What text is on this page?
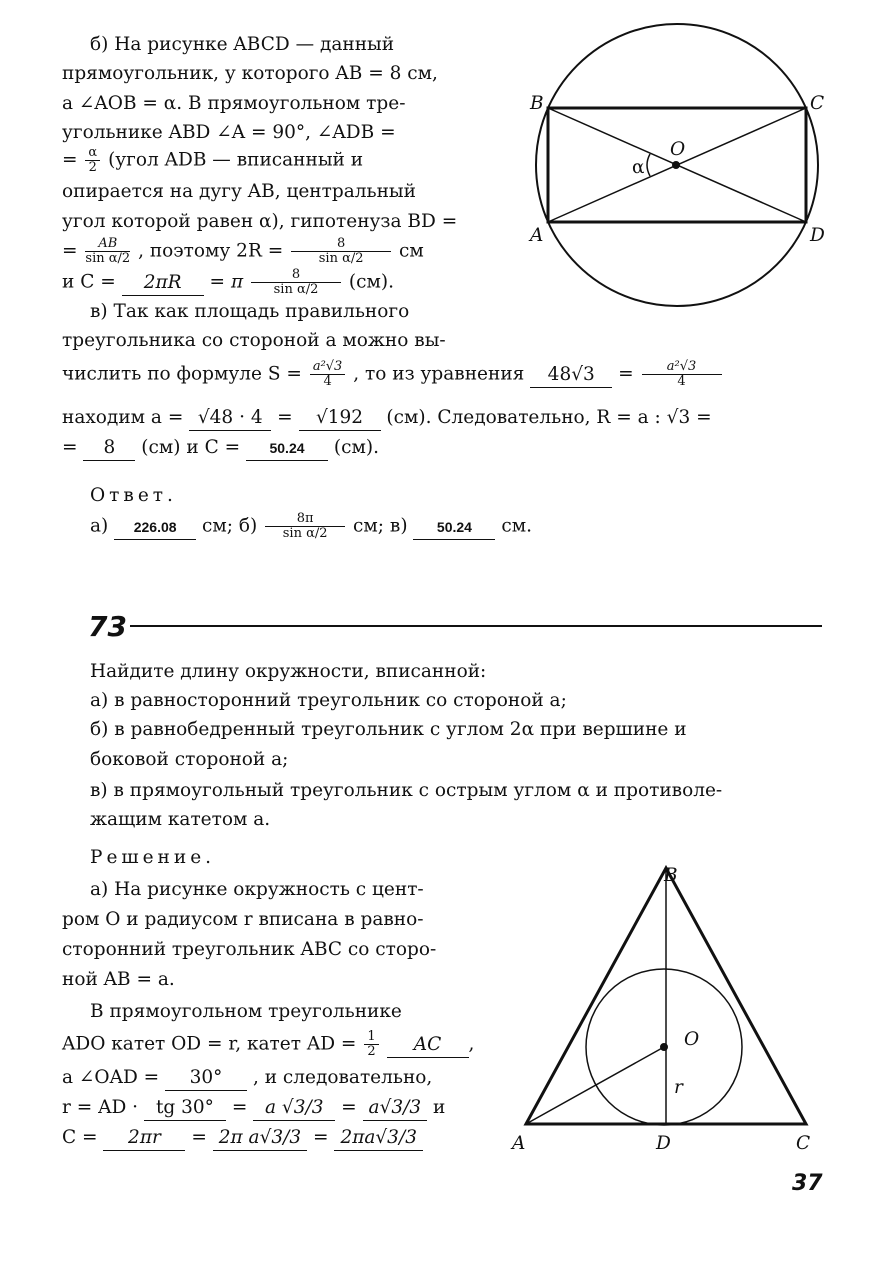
B	C
A	D
O
α
б) На рисунке ABCD — данный
прямоугольник, у которого AB = 8 см,
а ∠AOB = α. В прямоугольном тре-
угольнике ABD ∠A = 90°, ∠ADB =
= $\frac{\alpha}{2}$ (угол ADB — вписанный и
опирается на дугу AB, центральный
угол которой равен α), гипотенуза BD =
= $\frac{AB}{\text{sin α/2}}$ , поэтому $2R = \frac{8}{\text{sin α/2}}$ см
и C = 2πR = π $\frac{8}{\text{sin α/2}} (см)$.
в) Так как площадь правильного
треугольника со стороной a можно вы-
числить по формуле $S = \frac{\text{a²√3}}{4}$ , то из уравнения $48√3 = \frac{\text{a²√3}}{4}$
находим a = √48 · 4 = √192 (см). Следовательно, R = a : √3 =
= 8 (см) и C = 50.24 (см).
Ответ.
а) 226.08 см; $б) \frac{8\pi}{\text{sin α/2}}$ см; в) 50.24 см.
73
Найдите длину окружности, вписанной:
а) в равносторонний треугольник со стороной a;
б) в равнобедренный треугольник с углом 2α при вершине и
боковой стороной a;
в) в прямоугольный треугольник с острым углом α и противоле-
жащим катетом a.
Решение.
а) На рисунке окружность с цент-
ром O и радиусом r вписана в равно-
сторонний треугольник ABC со сторо-
ной AB = a.
В прямоугольном треугольнике
ADO катет OD = r, катет AD = $\frac{1}{2}$ AC ,
а ∠OAD = 30° , и следовательно,
r = AD · tg 30° = a √3/3 = a√3/3 и
C = 2πr = 2π a√3/3 = 2πa√3/3
B
A	D	C
O
r
37
